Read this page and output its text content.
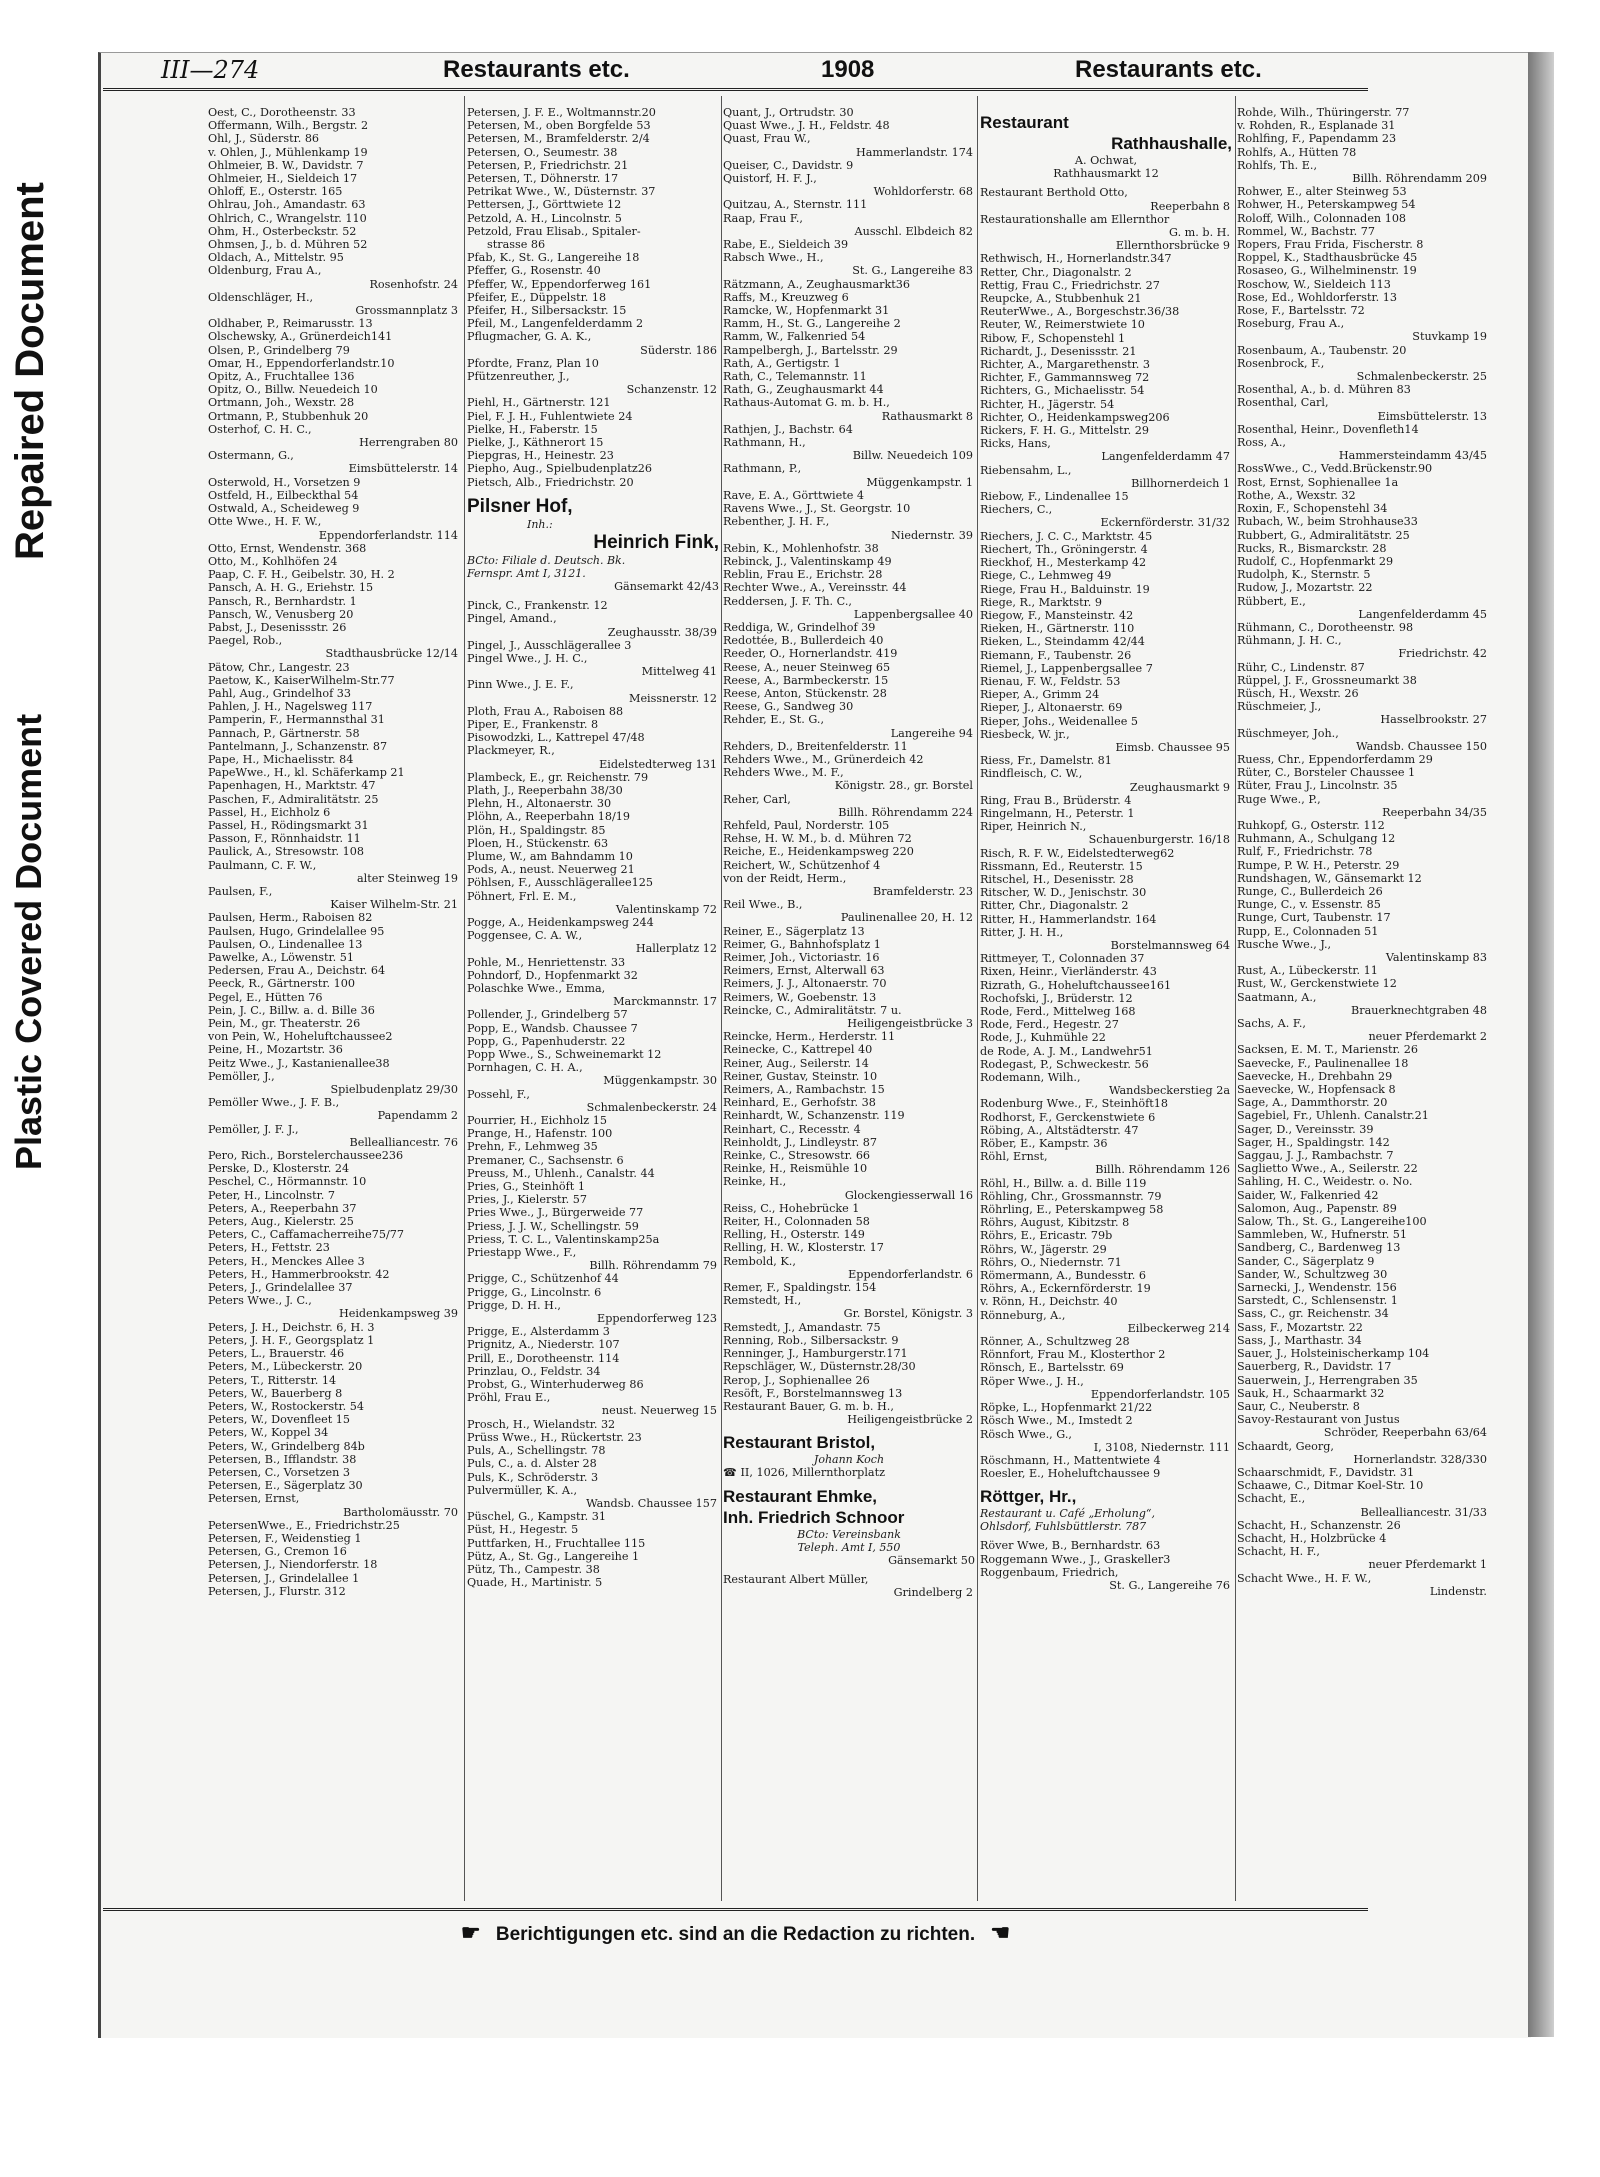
Repaired Document
Plastic Covered Document
III—274	Restaurants etc.	1908	Restaurants etc.
Oest, C., Dorotheenstr. 33
Offermann, Wilh., Bergstr. 2
Ohl, J., Süderstr. 86
v. Ohlen, J., Mühlenkamp 19
Ohlmeier, B. W., Davidstr. 7
Ohlmeier, H., Sieldeich 17
Ohloff, E., Osterstr. 165
Ohlrau, Joh., Amandastr. 63
Ohlrich, C., Wrangelstr. 110
Ohm, H., Osterbeckstr. 52
Ohmsen, J., b. d. Mühren 52
Oldach, A., Mittelstr. 95
Oldenburg, Frau A.,
Rosenhofstr. 24
Oldenschläger, H.,
Grossmannplatz 3
Oldhaber, P., Reimarusstr. 13
Olschewsky, A., Grünerdeich141
Olsen, P., Grindelberg 79
Omar, H., Eppendorferlandstr.10
Opitz, A., Fruchtallee 136
Opitz, O., Billw. Neuedeich 10
Ortmann, Joh., Wexstr. 28
Ortmann, P., Stubbenhuk 20
Osterhof, C. H. C.,
Herrengraben 80
Ostermann, G.,
Eimsbüttelerstr. 14
Osterwold, H., Vorsetzen 9
Ostfeld, H., Eilbeckthal 54
Ostwald, A., Scheideweg 9
Otte Wwe., H. F. W.,
Eppendorferlandstr. 114
Otto, Ernst, Wendenstr. 368
Otto, M., Kohlhöfen 24
Paap, C. F. H., Geibelstr. 30, H. 2
Pansch, A. H. G., Eriehstr. 15
Pansch, R., Bernhardstr. 1
Pansch, W., Venusberg 20
Pabst, J., Desenissstr. 26
Paegel, Rob.,
Stadthausbrücke 12/14
Pätow, Chr., Langestr. 23
Paetow, K., KaiserWilhelm-Str.77
Pahl, Aug., Grindelhof 33
Pahlen, J. H., Nagelsweg 117
Pamperin, F., Hermannsthal 31
Pannach, P., Gärtnerstr. 58
Pantelmann, J., Schanzenstr. 87
Pape, H., Michaelisstr. 84
PapeWwe., H., kl. Schäferkamp 21
Papenhagen, H., Marktstr. 47
Paschen, F., Admiralitätstr. 25
Passel, H., Eichholz 6
Passel, H., Rödingsmarkt 31
Passon, F., Rönnhaidstr. 11
Paulick, A., Stresowstr. 108
Paulmann, C. F. W.,
alter Steinweg 19
Paulsen, F.,
Kaiser Wilhelm-Str. 21
Paulsen, Herm., Raboisen 82
Paulsen, Hugo, Grindelallee 95
Paulsen, O., Lindenallee 13
Pawelke, A., Löwenstr. 51
Pedersen, Frau A., Deichstr. 64
Peeck, R., Gärtnerstr. 100
Pegel, E., Hütten 76
Pein, J. C., Billw. a. d. Bille 36
Pein, M., gr. Theaterstr. 26
von Pein, W., Hoheluftchaussee2
Peine, H., Mozartstr. 36
Peitz Wwe., J., Kastanienallee38
Pemöller, J.,
Spielbudenplatz 29/30
Pemöller Wwe., J. F. B.,
Papendamm 2
Pemöller, J. F. J.,
Bellealliancestr. 76
Pero, Rich., Borstelerchaussee236
Perske, D., Klosterstr. 24
Peschel, C., Hörmannstr. 10
Peter, H., Lincolnstr. 7
Peters, A., Reeperbahn 37
Peters, Aug., Kielerstr. 25
Peters, C., Caffamacherreihe75/77
Peters, H., Fettstr. 23
Peters, H., Menckes Allee 3
Peters, H., Hammerbrookstr. 42
Peters, J., Grindelallee 37
Peters Wwe., J. C.,
Heidenkampsweg 39
Peters, J. H., Deichstr. 6, H. 3
Peters, J. H. F., Georgsplatz 1
Peters, L., Brauerstr. 46
Peters, M., Lübeckerstr. 20
Peters, T., Ritterstr. 14
Peters, W., Bauerberg 8
Peters, W., Rostockerstr. 54
Peters, W., Dovenfleet 15
Peters, W., Koppel 34
Peters, W., Grindelberg 84b
Petersen, B., Ifflandstr. 38
Petersen, C., Vorsetzen 3
Petersen, E., Sägerplatz 30
Petersen, Ernst,
Bartholomäusstr. 70
PetersenWwe., E., Friedrichstr.25
Petersen, F., Weidenstieg 1
Petersen, G., Cremon 16
Petersen, J., Niendorferstr. 18
Petersen, J., Grindelallee 1
Petersen, J., Flurstr. 312
Petersen, J. F. E., Woltmannstr.20
Petersen, M., oben Borgfelde 53
Petersen, M., Bramfelderstr. 2/4
Petersen, O., Seumestr. 38
Petersen, P., Friedrichstr. 21
Petersen, T., Döhnerstr. 17
Petrikat Wwe., W., Düsternstr. 37
Pettersen, J., Görttwiete 12
Petzold, A. H., Lincolnstr. 5
Petzold, Frau Elisab., Spitaler-
strasse 86
Pfab, K., St. G., Langereihe 18
Pfeffer, G., Rosenstr. 40
Pfeffer, W., Eppendorferweg 161
Pfeifer, E., Düppelstr. 18
Pfeifer, H., Silbersackstr. 15
Pfeil, M., Langenfelderdamm 2
Pflugmacher, G. A. K.,
Süderstr. 186
Pfordte, Franz, Plan 10
Pfützenreuther, J.,
Schanzenstr. 12
Piehl, H., Gärtnerstr. 121
Piel, F. J. H., Fuhlentwiete 24
Pielke, H., Faberstr. 15
Pielke, J., Käthnerort 15
Piepgras, H., Heinestr. 23
Piepho, Aug., Spielbudenplatz26
Pietsch, Alb., Friedrichstr. 20
Pilsner Hof,
Inh.:
Heinrich Fink,
BCto: Filiale d. Deutsch. Bk.
Fernspr. Amt I, 3121.
Gänsemarkt 42/43
Pinck, C., Frankenstr. 12
Pingel, Amand.,
Zeughausstr. 38/39
Pingel, J., Ausschlägerallee 3
Pingel Wwe., J. H. C.,
Mittelweg 41
Pinn Wwe., J. E. F.,
Meissnerstr. 12
Ploth, Frau A., Raboisen 88
Piper, E., Frankenstr. 8
Pisowodzki, L., Kattrepel 47/48
Plackmeyer, R.,
Eidelstedterweg 131
Plambeck, E., gr. Reichenstr. 79
Plath, J., Reeperbahn 38/30
Plehn, H., Altonaerstr. 30
Plöhn, A., Reeperbahn 18/19
Plön, H., Spaldingstr. 85
Ploen, H., Stückenstr. 63
Plume, W., am Bahndamm 10
Pods, A., neust. Neuerweg 21
Pöhlsen, F., Ausschlägerallee125
Pöhnert, Frl. E. M.,
Valentinskamp 72
Pogge, A., Heidenkampsweg 244
Poggensee, C. A. W.,
Hallerplatz 12
Pohle, M., Henriettenstr. 33
Pohndorf, D., Hopfenmarkt 32
Polaschke Wwe., Emma,
Marckmannstr. 17
Pollender, J., Grindelberg 57
Popp, E., Wandsb. Chaussee 7
Popp, G., Papenhuderstr. 22
Popp Wwe., S., Schweinemarkt 12
Pornhagen, C. H. A.,
Müggenkampstr. 30
Possehl, F.,
Schmalenbeckerstr. 24
Pourrier, H., Eichholz 15
Prange, H., Hafenstr. 100
Prehn, F., Lehmweg 35
Premaner, C., Sachsenstr. 6
Preuss, M., Uhlenh., Canalstr. 44
Pries, G., Steinhöft 1
Pries, J., Kielerstr. 57
Pries Wwe., J., Bürgerweide 77
Priess, J. J. W., Schellingstr. 59
Priess, T. C. L., Valentinskamp25a
Priestapp Wwe., F.,
Billh. Röhrendamm 79
Prigge, C., Schützenhof 44
Prigge, G., Lincolnstr. 6
Prigge, D. H. H.,
Eppendorferweg 123
Prigge, E., Alsterdamm 3
Prignitz, A., Niederstr. 107
Prill, E., Dorotheenstr. 114
Prinzlau, O., Feldstr. 34
Probst, G., Winterhuderweg 86
Pröhl, Frau E.,
neust. Neuerweg 15
Prosch, H., Wielandstr. 32
Prüss Wwe., H., Rückertstr. 23
Puls, A., Schellingstr. 78
Puls, C., a. d. Alster 28
Puls, K., Schröderstr. 3
Pulvermüller, K. A.,
Wandsb. Chaussee 157
Püschel, G., Kampstr. 31
Püst, H., Hegestr. 5
Puttfarken, H., Fruchtallee 115
Pütz, A., St. Gg., Langereihe 1
Pütz, Th., Campestr. 38
Quade, H., Martinistr. 5
Quant, J., Ortrudstr. 30
Quast Wwe., J. H., Feldstr. 48
Quast, Frau W.,
Hammerlandstr. 174
Queiser, C., Davidstr. 9
Quistorf, H. F. J.,
Wohldorferstr. 68
Quitzau, A., Sternstr. 111
Raap, Frau F.,
Ausschl. Elbdeich 82
Rabe, E., Sieldeich 39
Rabsch Wwe., H.,
St. G., Langereihe 83
Rätzmann, A., Zeughausmarkt36
Raffs, M., Kreuzweg 6
Ramcke, W., Hopfenmarkt 31
Ramm, H., St. G., Langereihe 2
Ramm, W., Falkenried 54
Rampelbergh, J., Bartelsstr. 29
Rath, A., Gertigstr. 1
Rath, C., Telemannstr. 11
Rath, G., Zeughausmarkt 44
Rathaus-Automat G. m. b. H.,
Rathausmarkt 8
Rathjen, J., Bachstr. 64
Rathmann, H.,
Billw. Neuedeich 109
Rathmann, P.,
Müggenkampstr. 1
Rave, E. A., Görttwiete 4
Ravens Wwe., J., St. Georgstr. 10
Rebenther, J. H. F.,
Niedernstr. 39
Rebin, K., Mohlenhofstr. 38
Rebinck, J., Valentinskamp 49
Reblin, Frau E., Erichstr. 28
Rechter Wwe., A., Vereinsstr. 44
Reddersen, J. F. Th. C.,
Lappenbergsallee 40
Reddiga, W., Grindelhof 39
Redottée, B., Bullerdeich 40
Reeder, O., Hornerlandstr. 419
Reese, A., neuer Steinweg 65
Reese, A., Barmbeckerstr. 15
Reese, Anton, Stückenstr. 28
Reese, G., Sandweg 30
Rehder, E., St. G.,
Langereihe 94
Rehders, D., Breitenfelderstr. 11
Rehders Wwe., M., Grünerdeich 42
Rehders Wwe., M. F.,
Königstr. 28., gr. Borstel
Reher, Carl,
Billh. Röhrendamm 224
Rehfeld, Paul, Norderstr. 105
Rehse, H. W. M., b. d. Mühren 72
Reiche, E., Heidenkampsweg 220
Reichert, W., Schützenhof 4
von der Reidt, Herm.,
Bramfelderstr. 23
Reil Wwe., B.,
Paulinenallee 20, H. 12
Reiner, E., Sägerplatz 13
Reimer, G., Bahnhofsplatz 1
Reimer, Joh., Victoriastr. 16
Reimers, Ernst, Alterwall 63
Reimers, J. J., Altonaerstr. 70
Reimers, W., Goebenstr. 13
Reincke, C., Admiralitätstr. 7 u.
Heiligengeistbrücke 3
Reincke, Herm., Herderstr. 11
Reinecke, C., Kattrepel 40
Reiner, Aug., Seilerstr. 14
Reiner, Gustav, Steinstr. 10
Reimers, A., Rambachstr. 15
Reinhard, E., Gerhofstr. 38
Reinhardt, W., Schanzenstr. 119
Reinhart, C., Recesstr. 4
Reinholdt, J., Lindleystr. 87
Reinke, C., Stresowstr. 66
Reinke, H., Reismühle 10
Reinke, H.,
Glockengiesserwall 16
Reiss, C., Hohebrücke 1
Reiter, H., Colonnaden 58
Relling, H., Osterstr. 149
Relling, H. W., Klosterstr. 17
Rembold, K.,
Eppendorferlandstr. 6
Remer, F., Spaldingstr. 154
Remstedt, H.,
Gr. Borstel, Königstr. 3
Remstedt, J., Amandastr. 75
Renning, Rob., Silbersackstr. 9
Renninger, J., Hamburgerstr.171
Repschläger, W., Düsternstr.28/30
Rerop, J., Sophienallee 26
Resöft, F., Borstelmannsweg 13
Restaurant Bauer, G. m. b. H.,
Heiligengeistbrücke 2
Restaurant Bristol,
Johann Koch
☎ II, 1026, Millernthorplatz
Restaurant Ehmke,
Inh. Friedrich Schnoor
BCto: Vereinsbank
Teleph. Amt I, 550
Gänsemarkt 50
Restaurant Albert Müller,
Grindelberg 2
Restaurant
Rathhaushalle,
A. Ochwat,
Rathhausmarkt 12
Restaurant Berthold Otto,
Reeperbahn 8
Restaurationshalle am Ellernthor
G. m. b. H.
Ellernthorsbrücke 9
Rethwisch, H., Hornerlandstr.347
Retter, Chr., Diagonalstr. 2
Rettig, Frau C., Friedrichstr. 27
Reupcke, A., Stubbenhuk 21
ReuterWwe., A., Borgeschstr.36/38
Reuter, W., Reimerstwiete 10
Ribow, F., Schopenstehl 1
Richardt, J., Desenissstr. 21
Richter, A., Margarethenstr. 3
Richter, F., Gammannsweg 72
Richters, G., Michaelisstr. 54
Richter, H., Jägerstr. 54
Richter, O., Heidenkampsweg206
Rickers, F. H. G., Mittelstr. 29
Ricks, Hans,
Langenfelderdamm 47
Riebensahm, L.,
Billhornerdeich 1
Riebow, F., Lindenallee 15
Riechers, C.,
Eckernförderstr. 31/32
Riechers, J. C. C., Marktstr. 45
Riechert, Th., Gröningerstr. 4
Rieckhof, H., Mesterkamp 42
Riege, C., Lehmweg 49
Riege, Frau H., Balduinstr. 19
Riege, R., Marktstr. 9
Riegow, F., Mansteinstr. 42
Rieken, H., Gärtnerstr. 110
Rieken, L., Steindamm 42/44
Riemann, F., Taubenstr. 26
Riemel, J., Lappenbergsallee 7
Rienau, F. W., Feldstr. 53
Rieper, A., Grimm 24
Rieper, J., Altonaerstr. 69
Rieper, Johs., Weidenallee 5
Riesbeck, W. jr.,
Eimsb. Chaussee 95
Riess, Fr., Damelstr. 81
Rindfleisch, C. W.,
Zeughausmarkt 9
Ring, Frau B., Brüderstr. 4
Ringelmann, H., Peterstr. 1
Riper, Heinrich N.,
Schauenburgerstr. 16/18
Risch, R. F. W., Eidelstedterweg62
Rissmann, Ed., Reuterstr. 15
Ritschel, H., Desenisstr. 28
Ritscher, W. D., Jenischstr. 30
Ritter, Chr., Diagonalstr. 2
Ritter, H., Hammerlandstr. 164
Ritter, J. H. H.,
Borstelmannsweg 64
Rittmeyer, T., Colonnaden 37
Rixen, Heinr., Vierländerstr. 43
Rizrath, G., Hoheluftchaussee161
Rochofski, J., Brüderstr. 12
Rode, Ferd., Mittelweg 168
Rode, Ferd., Hegestr. 27
Rode, J., Kuhmühle 22
de Rode, A. J. M., Landwehr51
Rodegast, P., Schweckestr. 56
Rodemann, Wilh.,
Wandsbeckerstieg 2a
Rodenburg Wwe., F., Steinhöft18
Rodhorst, F., Gerckenstwiete 6
Röbing, A., Altstädterstr. 47
Röber, E., Kampstr. 36
Röhl, Ernst,
Billh. Röhrendamm 126
Röhl, H., Billw. a. d. Bille 119
Röhling, Chr., Grossmannstr. 79
Röhrling, E., Peterskampweg 58
Röhrs, August, Kibitzstr. 8
Röhrs, E., Ericastr. 79b
Röhrs, W., Jägerstr. 29
Röhrs, O., Niedernstr. 71
Römermann, A., Bundesstr. 6
Röhrs, A., Eckernförderstr. 19
v. Rönn, H., Deichstr. 40
Rönneburg, A.,
Eilbeckerweg 214
Rönner, A., Schultzweg 28
Rönnfort, Frau M., Klosterthor 2
Rönsch, E., Bartelsstr. 69
Röper Wwe., J. H.,
Eppendorferlandstr. 105
Röpke, L., Hopfenmarkt 21/22
Rösch Wwe., M., Imstedt 2
Rösch Wwe., G.,
I, 3108, Niedernstr. 111
Röschmann, H., Mattentwiete 4
Roesler, E., Hoheluftchaussee 9
Röttger, Hr.,
Restaurant u. Café „Erholung“,
Ohlsdorf, Fuhlsbüttlerstr. 787
Röver Wwe, B., Bernhardstr. 63
Roggemann Wwe., J., Graskeller3
Roggenbaum, Friedrich,
St. G., Langereihe 76
Rohde, Wilh., Thüringerstr. 77
v. Rohden, R., Esplanade 31
Rohlfing, F., Papendamm 23
Rohlfs, A., Hütten 78
Rohlfs, Th. E.,
Billh. Röhrendamm 209
Rohwer, E., alter Steinweg 53
Rohwer, H., Peterskampweg 54
Roloff, Wilh., Colonnaden 108
Rommel, W., Bachstr. 77
Ropers, Frau Frida, Fischerstr. 8
Roppel, K., Stadthausbrücke 45
Rosaseo, G., Wilhelminenstr. 19
Roschow, W., Sieldeich 113
Rose, Ed., Wohldorferstr. 13
Rose, F., Bartelsstr. 72
Roseburg, Frau A.,
Stuvkamp 19
Rosenbaum, A., Taubenstr. 20
Rosenbrock, F.,
Schmalenbeckerstr. 25
Rosenthal, A., b. d. Mühren 83
Rosenthal, Carl,
Eimsbüttelerstr. 13
Rosenthal, Heinr., Dovenfleth14
Ross, A.,
Hammersteindamm 43/45
RossWwe., C., Vedd.Brückenstr.90
Rost, Ernst, Sophienallee 1a
Rothe, A., Wexstr. 32
Roxin, F., Schopenstehl 34
Rubach, W., beim Strohhause33
Rubbert, G., Admiralitätstr. 25
Rucks, R., Bismarckstr. 28
Rudolf, C., Hopfenmarkt 29
Rudolph, K., Sternstr. 5
Rudow, J., Mozartstr. 22
Rübbert, E.,
Langenfelderdamm 45
Rühmann, C., Dorotheenstr. 98
Rühmann, J. H. C.,
Friedrichstr. 42
Rühr, C., Lindenstr. 87
Rüppel, J. F., Grossneumarkt 38
Rüsch, H., Wexstr. 26
Rüschmeier, J.,
Hasselbrookstr. 27
Rüschmeyer, Joh.,
Wandsb. Chaussee 150
Ruess, Chr., Eppendorferdamm 29
Rüter, C., Borsteler Chaussee 1
Rüter, Frau J., Lincolnstr. 35
Ruge Wwe., P.,
Reeperbahn 34/35
Ruhkopf, G., Osterstr. 112
Ruhmann, A., Schulgang 12
Rulf, F., Friedrichstr. 78
Rumpe, P. W. H., Peterstr. 29
Rundshagen, W., Gänsemarkt 12
Runge, C., Bullerdeich 26
Runge, C., v. Essenstr. 85
Runge, Curt, Taubenstr. 17
Rupp, E., Colonnaden 51
Rusche Wwe., J.,
Valentinskamp 83
Rust, A., Lübeckerstr. 11
Rust, W., Gerckenstwiete 12
Saatmann, A.,
Brauerknechtgraben 48
Sachs, A. F.,
neuer Pferdemarkt 2
Sacksen, E. M. T., Marienstr. 26
Saevecke, F., Paulinenallee 18
Saevecke, H., Drehbahn 29
Saevecke, W., Hopfensack 8
Sage, A., Dammthorstr. 20
Sagebiel, Fr., Uhlenh. Canalstr.21
Sager, D., Vereinsstr. 39
Sager, H., Spaldingstr. 142
Saggau, J. J., Rambachstr. 7
Saglietto Wwe., A., Seilerstr. 22
Sahling, H. C., Weidestr. o. No.
Saider, W., Falkenried 42
Salomon, Aug., Papenstr. 89
Salow, Th., St. G., Langereihe100
Sammleben, W., Hufnerstr. 51
Sandberg, C., Bardenweg 13
Sander, C., Sägerplatz 9
Sander, W., Schultzweg 30
Sarnecki, J., Wendenstr. 156
Sarstedt, C., Schlensenstr. 1
Sass, C., gr. Reichenstr. 34
Sass, F., Mozartstr. 22
Sass, J., Marthastr. 34
Sauer, J., Holsteinischerkamp 104
Sauerberg, R., Davidstr. 17
Sauerwein, J., Herrengraben 35
Sauk, H., Schaarmarkt 32
Saur, C., Neuberstr. 8
Savoy-Restaurant von Justus
Schröder, Reeperbahn 63/64
Schaardt, Georg,
Hornerlandstr. 328/330
Schaarschmidt, F., Davidstr. 31
Schaawe, C., Ditmar Koel-Str. 10
Schacht, E.,
Bellealliancestr. 31/33
Schacht, H., Schanzenstr. 26
Schacht, H., Holzbrücke 4
Schacht, H. F.,
neuer Pferdemarkt 1
Schacht Wwe., H. F. W.,
Lindenstr.
☛ Berichtigungen etc. sind an die Redaction zu richten. ☚
